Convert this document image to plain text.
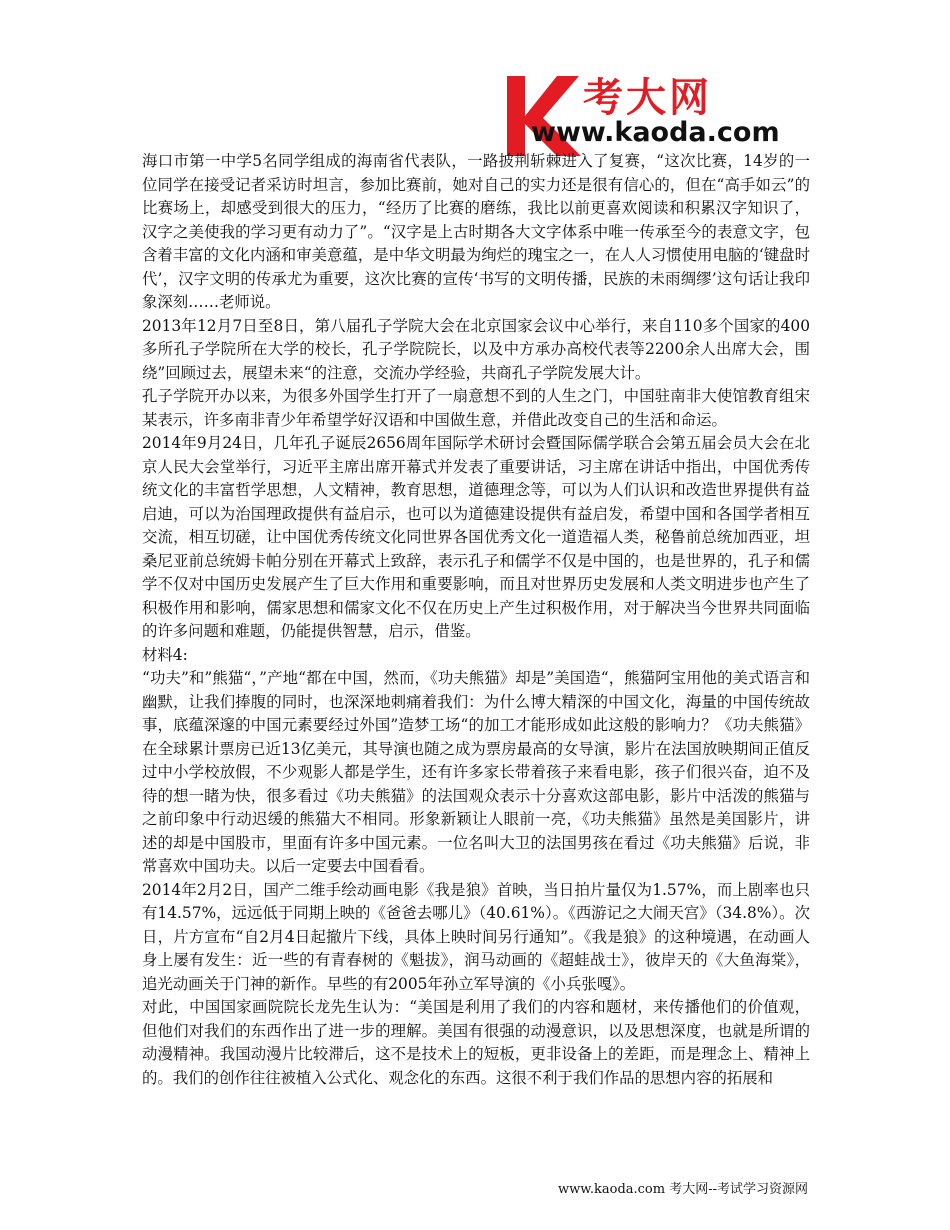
考大网
www.kaoda.com

海口市第一中学5名同学组成的海南省代表队，一路披荆斩棘进入了复赛，“这次比赛，14岁的一位同学在接受记者采访时坦言，参加比赛前，她对自己的实力还是很有信心的，但在“高手如云”的比赛场上，却感受到很大的压力，“经历了比赛的磨练，我比以前更喜欢阅读和积累汉字知识了，汉字之美使我的学习更有动力了”。“汉字是上古时期各大文字体系中唯一传承至今的表意文字，包含着丰富的文化内涵和审美意蕴，是中华文明最为绚烂的瑰宝之一，在人人习惯使用电脑的‘键盘时代’，汉字文明的传承尤为重要，这次比赛的宣传‘书写的文明传播，民族的未雨绸缪’这句话让我印象深刻……老师说。

2013年12月7日至8日，第八届孔子学院大会在北京国家会议中心举行，来自110多个国家的400多所孔子学院所在大学的校长，孔子学院院长，以及中方承办高校代表等2200余人出席大会，围绕”回顾过去，展望未来“的注意，交流办学经验，共商孔子学院发展大计。

孔子学院开办以来，为很多外国学生打开了一扇意想不到的人生之门，中国驻南非大使馆教育组宋某表示，许多南非青少年希望学好汉语和中国做生意，并借此改变自己的生活和命运。

2014年9月24日，几年孔子诞辰2656周年国际学术研讨会暨国际儒学联合会第五届会员大会在北京人民大会堂举行，习近平主席出席开幕式并发表了重要讲话，习主席在讲话中指出，中国优秀传统文化的丰富哲学思想，人文精神，教育思想，道德理念等，可以为人们认识和改造世界提供有益启迪，可以为治国理政提供有益启示，也可以为道德建设提供有益启发，希望中国和各国学者相互交流，相互切磋，让中国优秀传统文化同世界各国优秀文化一道造福人类，秘鲁前总统加西亚，坦桑尼亚前总统姆卡帕分别在开幕式上致辞，表示孔子和儒学不仅是中国的，也是世界的，孔子和儒学不仅对中国历史发展产生了巨大作用和重要影响，而且对世界历史发展和人类文明进步也产生了积极作用和影响，儒家思想和儒家文化不仅在历史上产生过积极作用，对于解决当今世界共同面临的许多问题和难题，仍能提供智慧，启示，借鉴。

材料4:

“功夫”和”熊猫“，”产地“都在中国，然而，《功夫熊猫》却是”美国造“，熊猫阿宝用他的美式语言和幽默，让我们捧腹的同时，也深深地刺痛着我们：为什么博大精深的中国文化，海量的中国传统故事，底蕴深邃的中国元素要经过外国”造梦工场“的加工才能形成如此这般的影响力？《功夫熊猫》在全球累计票房已近13亿美元，其导演也随之成为票房最高的女导演，影片在法国放映期间正值反过中小学校放假，不少观影人都是学生，还有许多家长带着孩子来看电影，孩子们很兴奋，迫不及待的想一睹为快，很多看过《功夫熊猫》的法国观众表示十分喜欢这部电影，影片中活泼的熊猫与之前印象中行动迟缓的熊猫大不相同。形象新颖让人眼前一亮，《功夫熊猫》虽然是美国影片，讲述的却是中国股市，里面有许多中国元素。一位名叫大卫的法国男孩在看过《功夫熊猫》后说，非常喜欢中国功夫。以后一定要去中国看看。

2014年2月2日，国产二维手绘动画电影《我是狼》首映，当日拍片量仅为1.57%，而上剧率也只有14.57%，远远低于同期上映的《爸爸去哪儿》（40.61%）。《西游记之大闹天宫》（34.8%）。次日，片方宣布“自2月4日起撤片下线，具体上映时间另行通知”。《我是狼》的这种境遇，在动画人身上屡有发生：近一些的有青春树的《魁拔》，润马动画的《超蛙战士》，彼岸天的《大鱼海棠》，追光动画关于门神的新作。早些的有2005年孙立军导演的《小兵张嘎》。

对此，中国国家画院院长龙先生认为：“美国是利用了我们的内容和题材，来传播他们的价值观，但他们对我们的东西作出了进一步的理解。美国有很强的动漫意识，以及思想深度，也就是所谓的动漫精神。我国动漫片比较滞后，这不是技术上的短板，更非设备上的差距，而是理念上、精神上的。我们的创作往往被植入公式化、观念化的东西。这很不利于我们作品的思想内容的拓展和

www.kaoda.com 考大网--考试学习资源网
